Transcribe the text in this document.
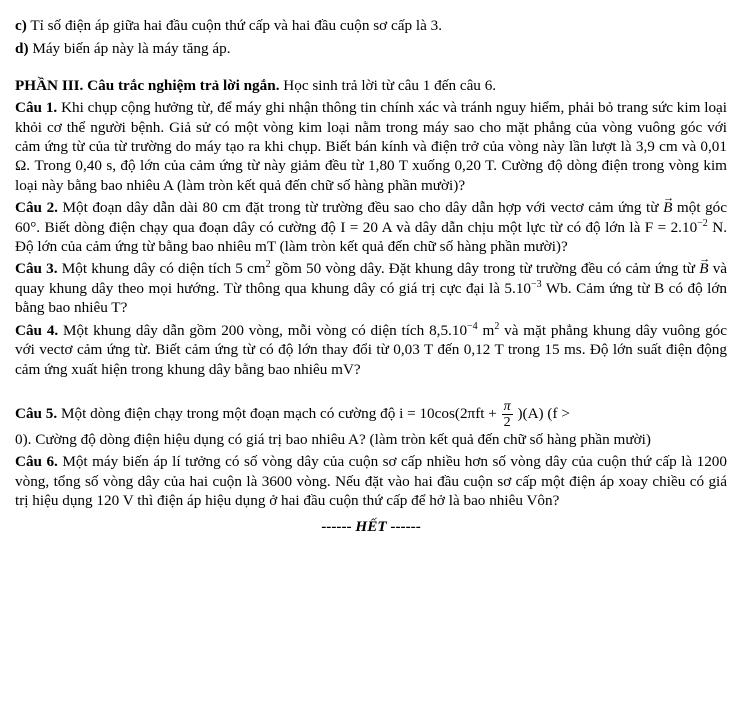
c) Tỉ số điện áp giữa hai đầu cuộn thứ cấp và hai đầu cuộn sơ cấp là 3.

d) Máy biến áp này là máy tăng áp.

PHẦN III. Câu trắc nghiệm trả lời ngắn. Học sinh trả lời từ câu 1 đến câu 6.

Câu 1. Khi chụp cộng hưởng từ, để máy ghi nhận thông tin chính xác và tránh nguy hiểm, phải bỏ trang sức kim loại khỏi cơ thể người bệnh. Giả sử có một vòng kim loại nằm trong máy sao cho mặt phẳng của vòng vuông góc với cảm ứng từ của từ trường do máy tạo ra khi chụp. Biết bán kính và điện trở của vòng này lần lượt là 3,9 cm và 0,01 Ω. Trong 0,40 s, độ lớn của cảm ứng từ này giảm đều từ 1,80 T xuống 0,20 T. Cường độ dòng điện trong vòng kim loại này bằng bao nhiêu A (làm tròn kết quả đến chữ số hàng phần mười)?

Câu 2. Một đoạn dây dẫn dài 80 cm đặt trong từ trường đều sao cho dây dẫn hợp với vectơ cảm ứng từ → B một góc 60°. Biết dòng điện chạy qua đoạn dây có cường độ I = 20 A và dây dẫn chịu một lực từ có độ lớn là $F = 2.10^{-2}$ N. Độ lớn của cảm ứng từ bằng bao nhiêu mT (làm tròn kết quả đến chữ số hàng phần mười)?

Câu 3. Một khung dây có diện tích 5 $cm^2$ gồm 50 vòng dây. Đặt khung dây trong từ trường đều có cảm ứng từ → B và quay khung dây theo mọi hướng. Từ thông qua khung dây có giá trị cực đại là $5.10^{-3}$ Wb. Cảm ứng từ B có độ lớn bằng bao nhiêu T?

Câu 4. Một khung dây dẫn gồm 200 vòng, mỗi vòng có diện tích $8,5.10^{-4}$ $m^2$ và mặt phẳng khung dây vuông góc với vectơ cảm ứng từ. Biết cảm ứng từ có độ lớn thay đổi từ 0,03 T đến 0,12 T trong 15 ms. Độ lớn suất điện động cảm ứng xuất hiện trong khung dây bằng bao nhiêu mV?

Câu 5. Một dòng điện chạy trong một đoạn mạch có cường độ $i = 10\cos(2\pi ft + \frac{\pi}{2} )(A)$ (f >
0). Cường độ dòng điện hiệu dụng có giá trị bao nhiêu A? (làm tròn kết quả đến chữ số hàng phần mười)

Câu 6. Một máy biến áp lí tưởng có số vòng dây của cuộn sơ cấp nhiều hơn số vòng dây của cuộn thứ cấp là 1200 vòng, tổng số vòng dây của hai cuộn là 3600 vòng. Nếu đặt vào hai đầu cuộn sơ cấp một điện áp xoay chiều có giá trị hiệu dụng 120 V thì điện áp hiệu dụng ở hai đầu cuộn thứ cấp để hở là bao nhiêu Vôn?

------ HẾT ------
